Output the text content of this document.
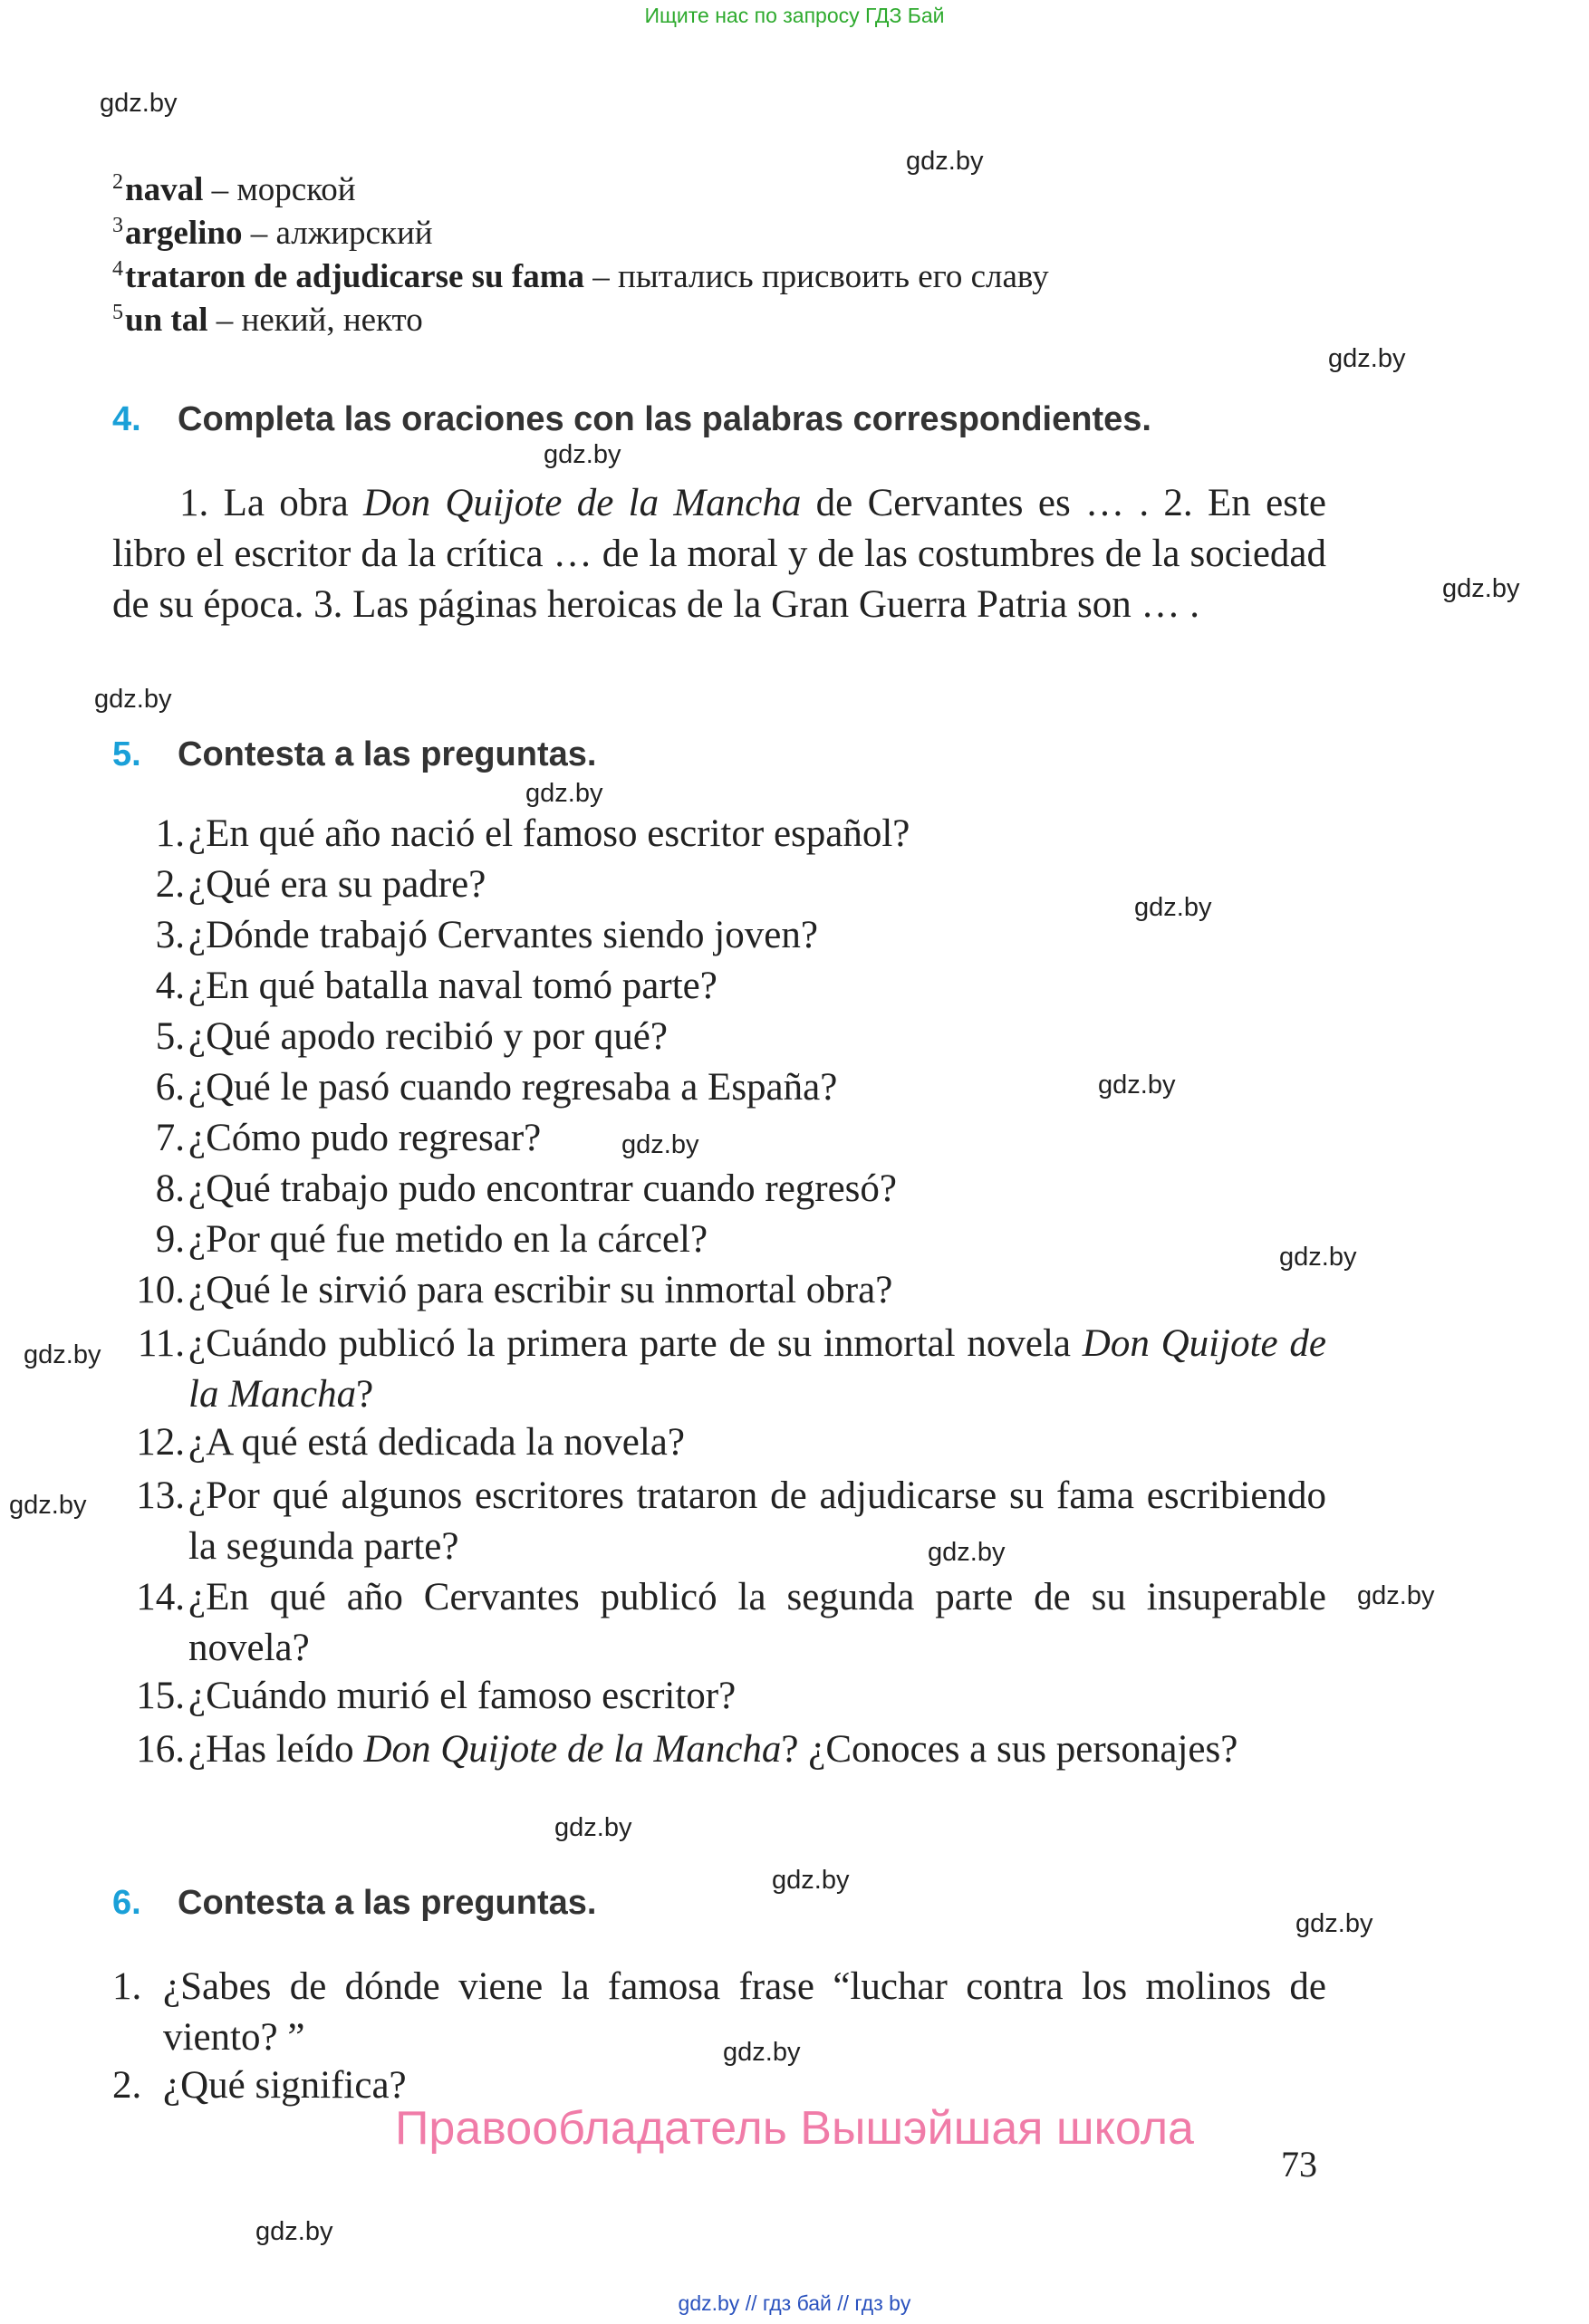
Ищите нас по запросу ГДЗ Бай
gdz.by
gdz.by
gdz.by
gdz.by
gdz.by
gdz.by
gdz.by
gdz.by
gdz.by
gdz.by
gdz.by
gdz.by
gdz.by
gdz.by
gdz.by
gdz.by
gdz.by
gdz.by
gdz.by
gdz.by
$^2$naval – морской
$^3$argelino – алжирский
$^4$trataron de adjudicarse su fama – пытались присвоить его славу
$^5$un tal – некий, некто
4. Completa las oraciones con las palabras correspondientes.
1. La obra Don Quijote de la Mancha de Cervantes es … . 2. En este libro el escritor da la crítica … de la moral y de las costumbres de la sociedad de su época. 3. Las páginas heroicas de la Gran Guerra Patria son … .
5. Contesta a las preguntas.
1. ¿En qué año nació el famoso escritor español?
2. ¿Qué era su padre?
3. ¿Dónde trabajó Cervantes siendo joven?
4. ¿En qué batalla naval tomó parte?
5. ¿Qué apodo recibió y por qué?
6. ¿Qué le pasó cuando regresaba a España?
7. ¿Cómo pudo regresar?
8. ¿Qué trabajo pudo encontrar cuando regresó?
9. ¿Por qué fue metido en la cárcel?
10. ¿Qué le sirvió para escribir su inmortal obra?
11. ¿Cuándo publicó la primera parte de su inmortal novela Don Quijote de la Mancha?
12. ¿A qué está dedicada la novela?
13. ¿Por qué algunos escritores trataron de adjudicarse su fama escribiendo la segunda parte?
14. ¿En qué año Cervantes publicó la segunda parte de su insuperable novela?
15. ¿Cuándo murió el famoso escritor?
16. ¿Has leído Don Quijote de la Mancha? ¿Conoces a sus personajes?
6. Contesta a las preguntas.
1. ¿Sabes de dónde viene la famosa frase “luchar contra los molinos de viento? ”
2. ¿Qué significa?
Правообладатель Вышэйшая школа
73
gdz.by // гдз бай // гдз by
